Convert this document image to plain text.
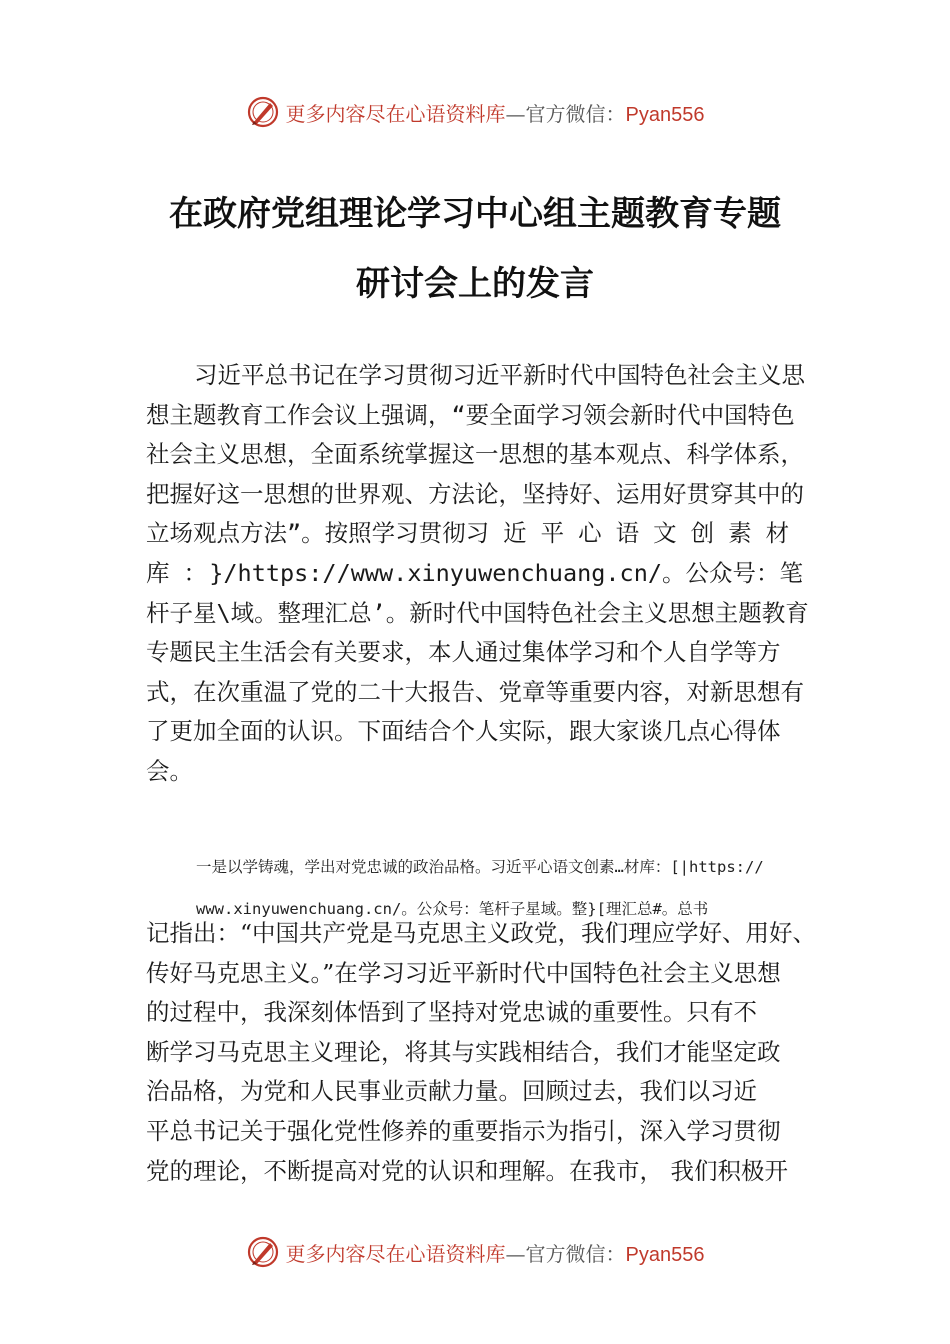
更多内容尽在心语资料库—官方微信：Pyan556
在政府党组理论学习中心组主题教育专题
研讨会上的发言
习近平总书记在学习贯彻习近平新时代中国特色社会主义思想主题教育工作会议上强调，“要全面学习领会新时代中国特色社会主义思想，全面系统掌握这一思想的基本观点、科学体系，把握好这一思想的世界观、方法论，坚持好、运用好贯穿其中的立场观点方法”。按照学习贯彻习近平心语文创素材库：}/https://www.xinyuwenchuang.cn/。公众号：笔杆子星\域。整理汇总’。新时代中国特色社会主义思想主题教育专题民主生活会有关要求，本人通过集体学习和个人自学等方式，在次重温了党的二十大报告、党章等重要内容，对新思想有了更加全面的认识。下面结合个人实际，跟大家谈几点心得体会。
一是以学铸魂，学出对党忠诚的政治品格。习近平心语文创素…材库：[|https://
www.xinyuwenchuang.cn/。公众号：笔杆子星域。整}[理汇总#。总书
记指出：“中国共产党是马克思主义政党，我们理应学好、用好、
传好马克思主义。”在学习习近平新时代中国特色社会主义思想
的过程中，我深刻体悟到了坚持对党忠诚的重要性。只有不
断学习马克思主义理论，将其与实践相结合，我们才能坚定政
治品格，为党和人民事业贡献力量。回顾过去，我们以习近
平总书记关于强化党性修养的重要指示为指引，深入学习贯彻
党的理论，不断提高对党的认识和理解。在我市， 我们积极开
更多内容尽在心语资料库—官方微信：Pyan556
